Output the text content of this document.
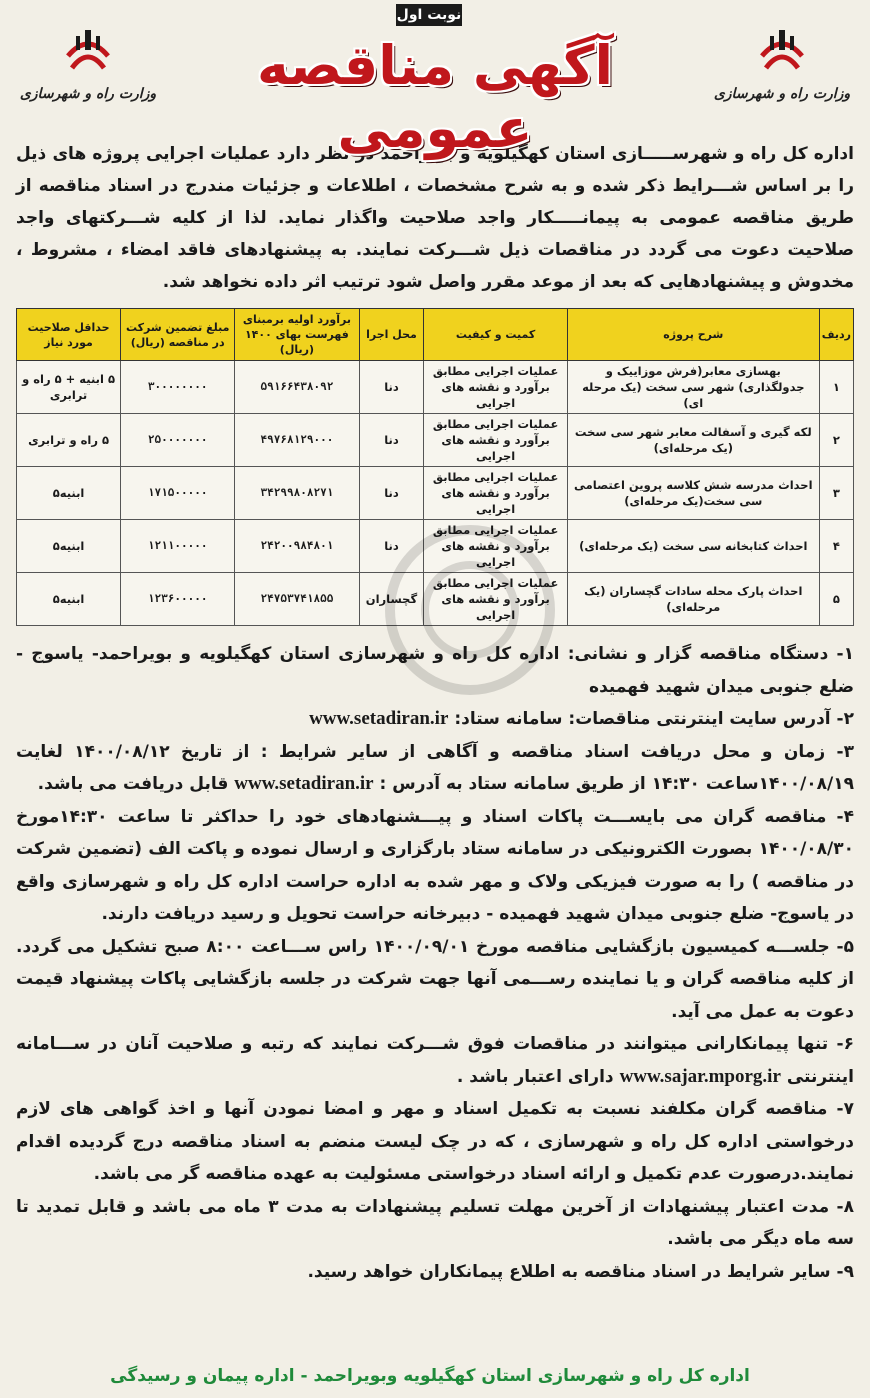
نوبت اول
وزارت راه و شهرسازی
آگهی مناقصه عمومی
وزارت راه و شهرسازی
اداره کل راه و شهرســـــازی استان کهگیلویه و بویراحمد در نظر دارد عملیات اجرایی پروژه های ذیل را بر اساس شـــرایط ذکر شده و به شرح مشخصات ، اطلاعات و جزئیات مندرج در اسناد مناقصه از طریق مناقصه عمومی به پیمانـــــکار واجد صلاحیت واگذار نماید. لذا از کلیه شـــرکتهای واجد صلاحیت دعوت می گردد در مناقصات ذیل شـــرکت نمایند. به پیشنهادهای فاقد امضاء ، مشروط ، مخدوش و پیشنهادهایی که بعد از موعد مقرر واصل شود ترتیب اثر داده نخواهد شد.
ردیف	شرح پروژه	کمیت و کیفیت	محل اجرا	برآورد اولیه برمبنای فهرست بهای ۱۴۰۰ (ریال)	مبلغ تضمین شرکت در مناقصه (ریال)	حداقل صلاحیت مورد نیاز
۱	بهسازی معابر(فرش موزاییک و جدولگذاری) شهر سی سخت (یک مرحله ای)	عملیات اجرایی مطابق برآورد و نقشه های اجرایی	دنا	۵۹۱۶۶۴۳۸۰۹۲	۳۰۰۰۰۰۰۰۰	۵ ابنیه + ۵ راه و ترابری
۲	لکه گیری و آسفالت معابر شهر سی سخت (یک مرحله‌ای)	عملیات اجرایی مطابق برآورد و نقشه های اجرایی	دنا	۴۹۷۶۸۱۲۹۰۰۰	۲۵۰۰۰۰۰۰۰	۵ راه و ترابری
۳	احداث مدرسه شش کلاسه پروین اعتصامی سی سخت(یک مرحله‌ای)	عملیات اجرایی مطابق برآورد و نقشه های اجرایی	دنا	۳۴۲۹۹۸۰۸۲۷۱	۱۷۱۵۰۰۰۰۰	ابنیه۵
۴	احداث کتابخانه سی سخت (یک مرحله‌ای)	عملیات اجرایی مطابق برآورد و نقشه های اجرایی	دنا	۲۴۲۰۰۹۸۴۸۰۱	۱۲۱۱۰۰۰۰۰	ابنیه۵
۵	احداث پارک محله سادات گچساران (یک مرحله‌ای)	عملیات اجرایی مطابق برآورد و نقشه های اجرایی	گچساران	۲۴۷۵۳۷۴۱۸۵۵	۱۲۳۶۰۰۰۰۰	ابنیه۵

۱- دستگاه مناقصه گزار و نشانی: اداره کل راه و شهرسازی استان کهگیلویه و بویراحمد- یاسوج - ضلع جنوبی میدان شهید فهمیده

۲- آدرس سایت اینترنتی مناقصات: سامانه ستاد: www.setadiran.ir

۳- زمان و محل دریافت اسناد مناقصه و آگاهی از سایر شرایط : از تاریخ ۱۴۰۰/۰۸/۱۲ لغایت ۱۴۰۰/۰۸/۱۹ساعت ۱۴:۳۰ از طریق سامانه ستاد به آدرس : www.setadiran.ir قابل دریافت می باشد.

۴- مناقصه گران می بایســـت پاکات اسناد و پیـــشنهادهای خود را حداکثر تا ساعت ۱۴:۳۰مورخ ۱۴۰۰/۰۸/۳۰ بصورت الکترونیکی در سامانه ستاد بارگزاری و ارسال نموده و پاکت الف (تضمین شرکت در مناقصه ) را به صورت فیزیکی ولاک و مهر شده به اداره حراست اداره کل راه و شهرسازی واقع در یاسوج- ضلع جنوبی میدان شهید فهمیده - دبیرخانه حراست تحویل و رسید دریافت دارند.

۵- جلســـه کمیسیون بازگشایی مناقصه مورخ ۱۴۰۰/۰۹/۰۱ راس ســـاعت ۸:۰۰ صبح تشکیل می گردد. از کلیه مناقصه گران و یا نماینده رســـمی آنها جهت شرکت در جلسه بازگشایی پاکات پیشنهاد قیمت دعوت به عمل می آید.

۶- تنها پیمانکارانی میتوانند در مناقصات فوق شـــرکت نمایند که رتبه و صلاحیت آنان در ســـامانه اینترنتی www.sajar.mporg.ir دارای اعتبار باشد .

۷- مناقصه گران مکلفند نسبت به تکمیل اسناد و مهر و امضا نمودن آنها و اخذ گواهی های لازم درخواستی اداره کل راه و شهرسازی ، که در چک لیست منضم به اسناد مناقصه درج گردیده اقدام نمایند.درصورت عدم تکمیل و ارائه اسناد درخواستی مسئولیت به عهده مناقصه گر می باشد.

۸- مدت اعتبار پیشنهادات از آخرین مهلت تسلیم پیشنهادات به مدت ۳ ماه می باشد و قابل تمدید تا سه ماه دیگر می باشد.

۹- سایر شرایط در اسناد مناقصه به اطلاع پیمانکاران خواهد رسید.

اداره کل راه و شهرسازی استان کهگیلویه وبویراحمد - اداره پیمان و رسیدگی
